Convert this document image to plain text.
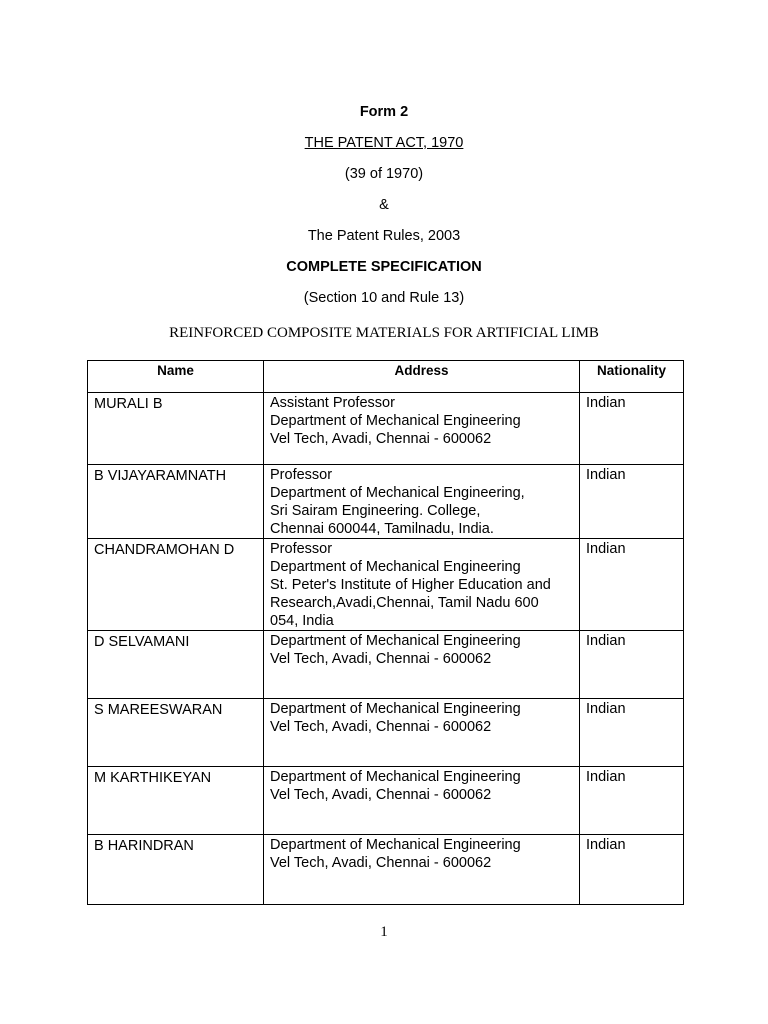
Form 2
THE PATENT ACT, 1970
(39 of 1970)
&
The Patent Rules, 2003
COMPLETE SPECIFICATION
(Section 10 and Rule 13)
REINFORCED COMPOSITE MATERIALS FOR ARTIFICIAL LIMB
Name	Address	Nationality
MURALI B	Assistant Professor
Department of Mechanical Engineering
Vel Tech, Avadi, Chennai - 600062	Indian
B VIJAYARAMNATH	Professor
Department of Mechanical Engineering,
Sri Sairam Engineering. College,
Chennai 600044, Tamilnadu, India.	Indian
CHANDRAMOHAN D	Professor
Department of Mechanical Engineering
St. Peter's Institute of Higher Education and
Research,Avadi,Chennai, Tamil Nadu 600
054, India	Indian
D SELVAMANI	Department of Mechanical Engineering
Vel Tech, Avadi, Chennai - 600062	Indian
S MAREESWARAN	Department of Mechanical Engineering
Vel Tech, Avadi, Chennai - 600062	Indian
M KARTHIKEYAN	Department of Mechanical Engineering
Vel Tech, Avadi, Chennai - 600062	Indian
B HARINDRAN	Department of Mechanical Engineering
Vel Tech, Avadi, Chennai - 600062	Indian
1
